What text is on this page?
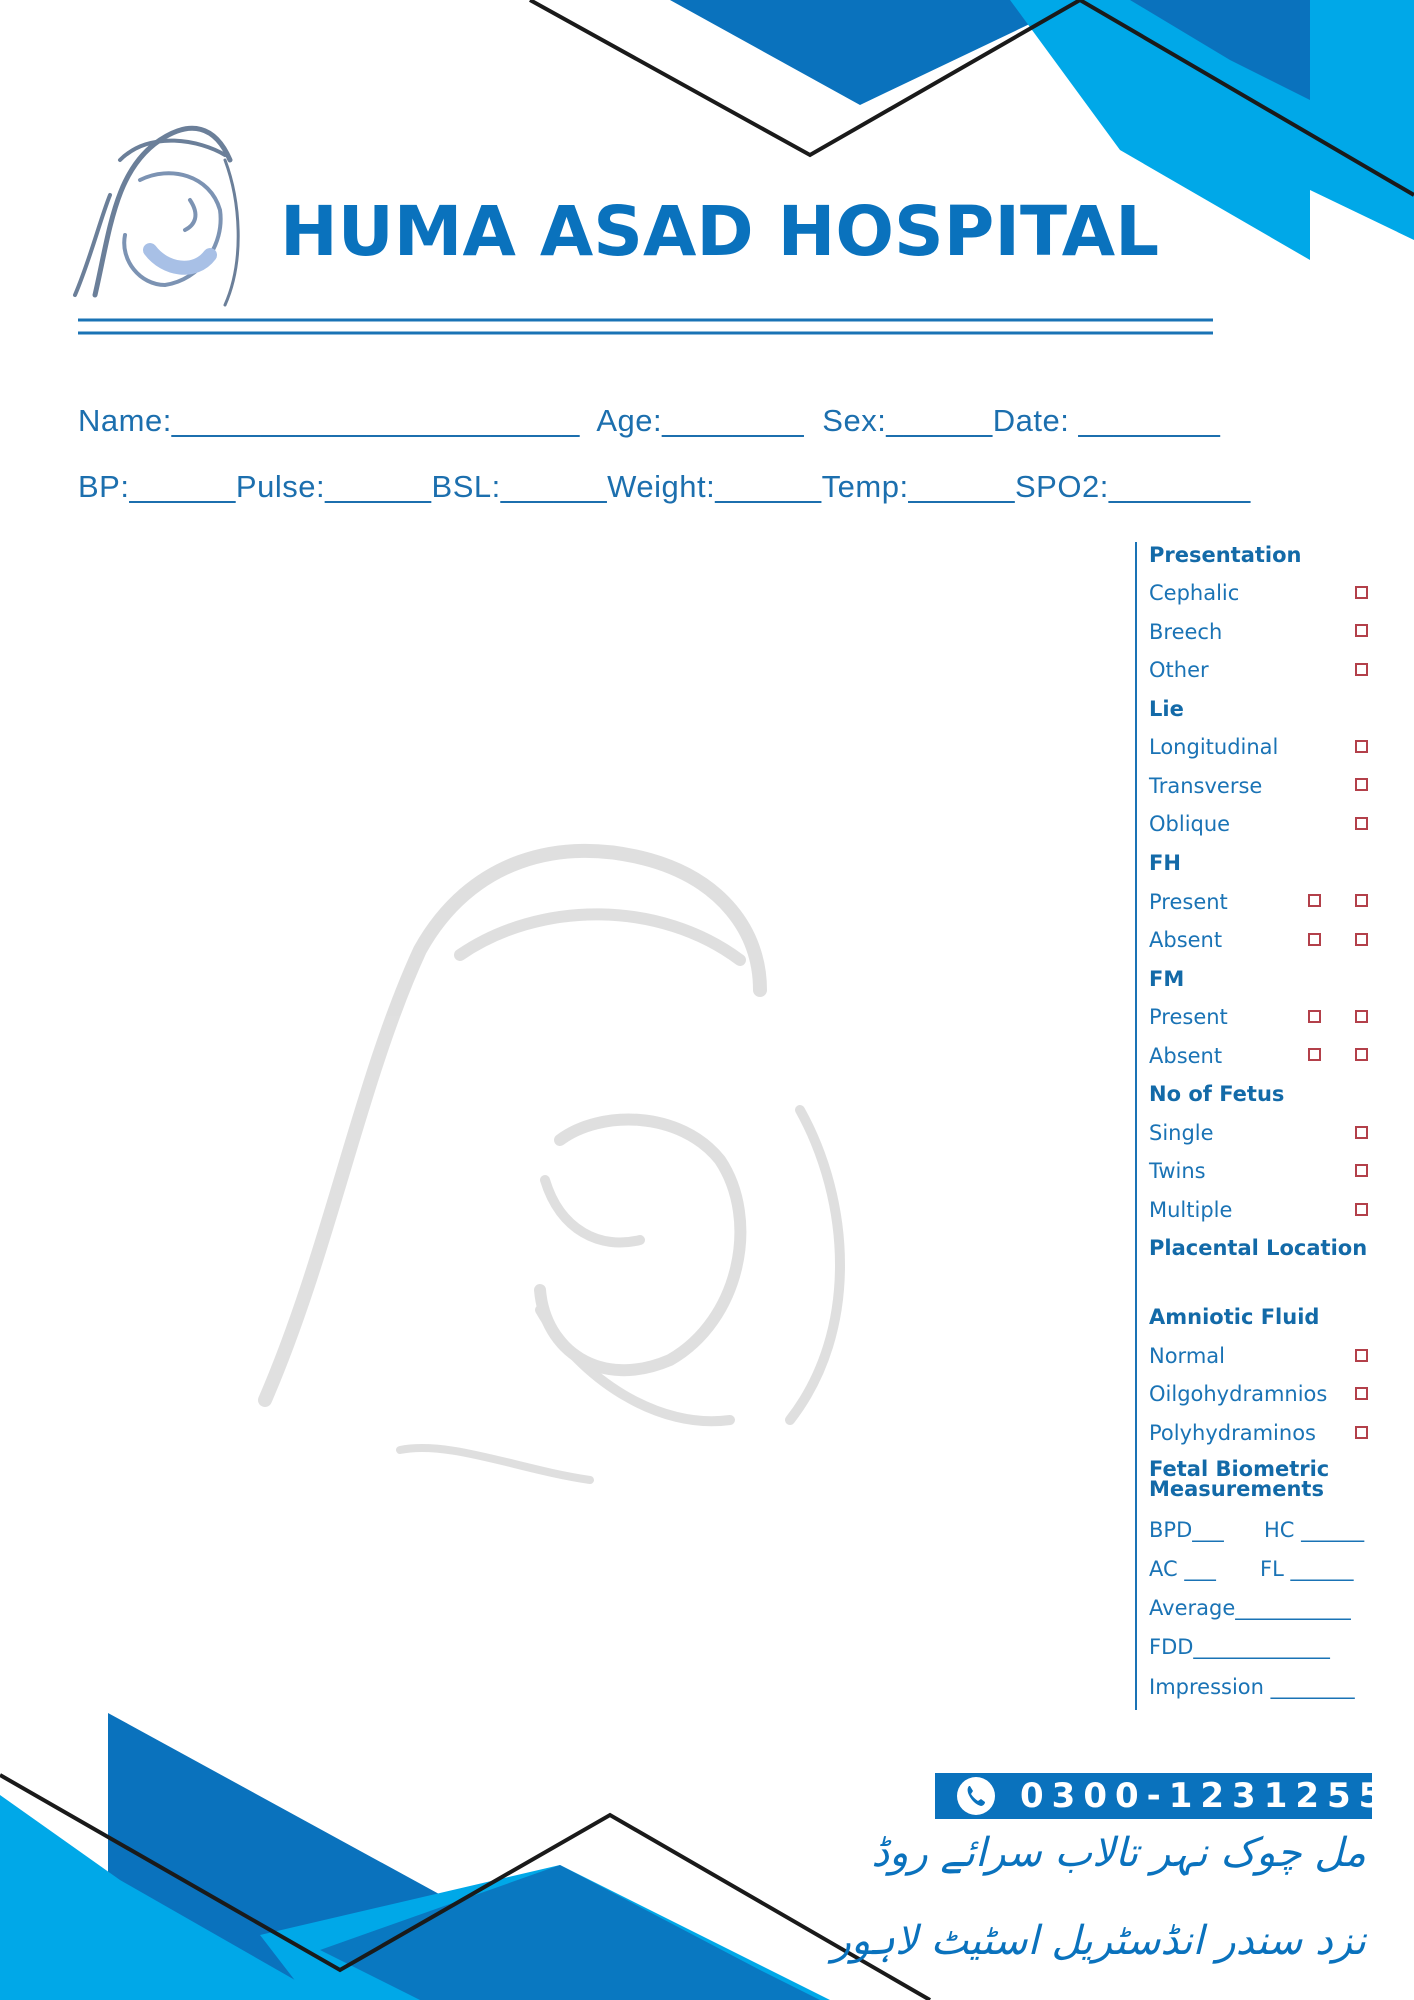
HUMA ASAD HOSPITAL
Name:_______________________  Age:________  Sex:______Date: ________
BP:______Pulse:______BSL:______Weight:______Temp:______SPO2:________
Presentation
Cephalic
Breech
Other
Lie
Longitudinal
Transverse
Oblique
FH
Present
Absent
FM
Present
Absent
No of Fetus
Single
Twins
Multiple
Placental Location
Amniotic Fluid
Normal
Oilgohydramnios
Polyhydraminos
Fetal Biometric
Measurements
BPD___ HC ______
AC ___ FL ______
Average___________
FDD_____________
Impression ________
0300-1231255
مل چوک نہر تالاب سرائے روڈ
نزد سندر انڈسٹریل اسٹیٹ لاہور
